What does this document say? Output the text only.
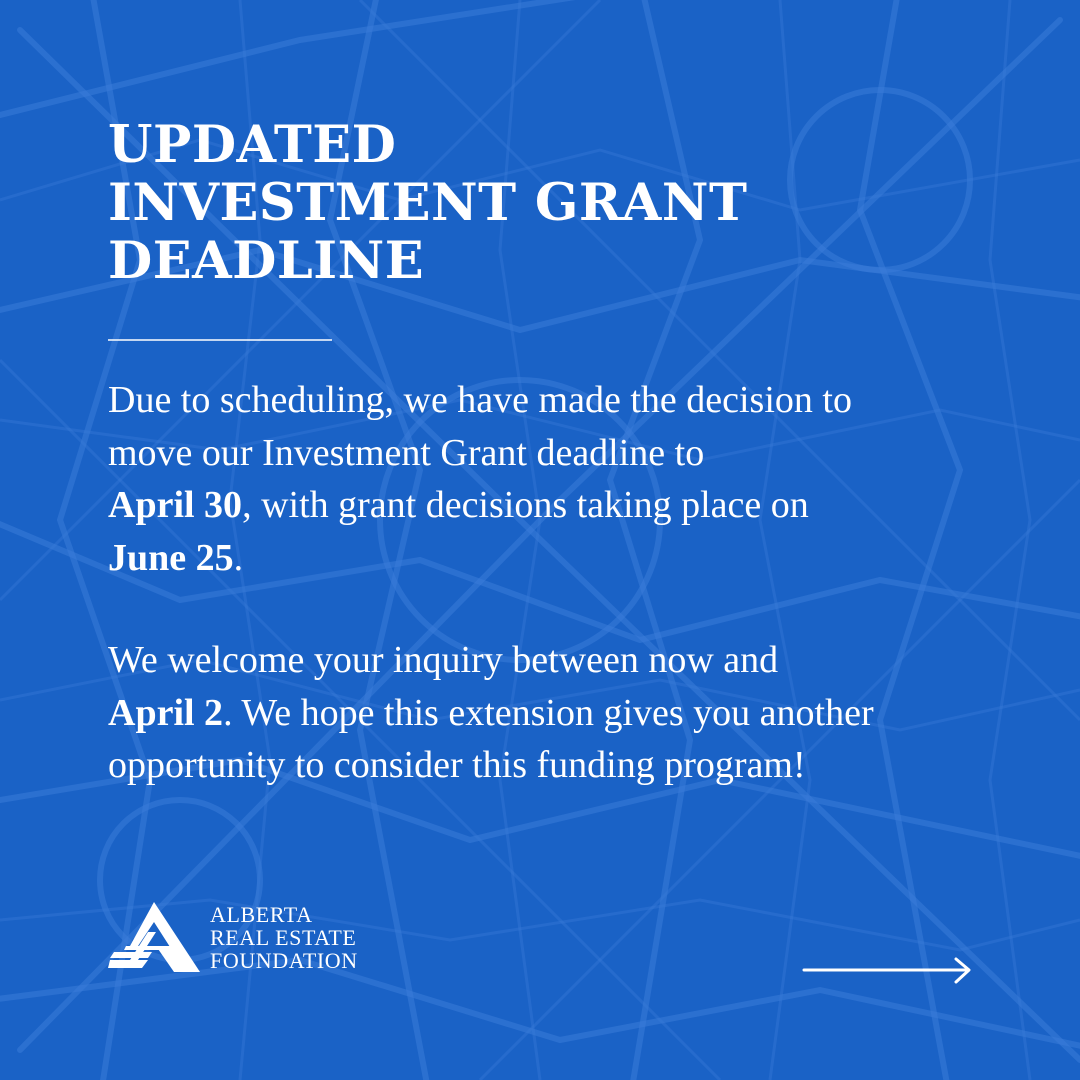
UPDATED
INVESTMENT GRANT
DEADLINE

Due to scheduling, we have made the decision to
move our Investment Grant deadline to
April 30, with grant decisions taking place on
June 25.

We welcome your inquiry between now and
April 2. We hope this extension gives you another
opportunity to consider this funding program!

ALBERTA
REAL ESTATE
FOUNDATION
